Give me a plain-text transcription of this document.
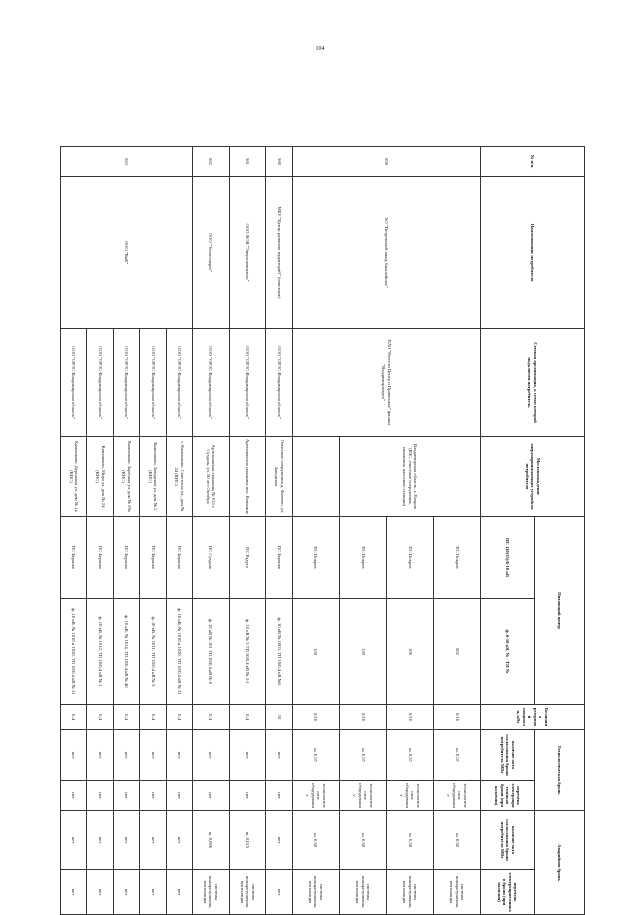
104
№ п/п.	Наименование потребителя	Сетевая организация, к сетям которой подключен потребитель	Местонахождение энергопринимающих устройств потребителя	Питающий центр		Величина резервной мощности, кВт	Технологическая бронь		Аварийная бронь	
				ПС 110(35)/6-10 кВ	ф. 6-10 кВ, № - ТП №		наличие акта согласования брони потребителя МВт	перечень электроприемников брони (при наличии)	наличие акта согласования брони потребителя МВт	перечень электроприемников брони (при наличии)
559	АО "Петровский завод бакалейных"	ПАО "Россети Центр и Приволжье" филиал "Владимирэнерго"	Владимирская область, г. Покров (ВЗС, очистные сооружения, скважины, насосные станции)	ПС Покров	602	6/10	ш. 0,57	технологическое оборудование	ш. 0,58	системы пожаротушения, вентиляция
				ПС Покров	106	6/10	ш. 0,57	технологическое оборудование	ш. 0,58	системы пожаротушения, вентиляция
				ПС Покров	120	6/10	ш. 0,57	технологическое оборудование	ш. 0,58	системы пожаротушения, вентиляция
				ПС Покров	128	6/10	ш. 0,57	технологическое оборудование	ш. 0,58	системы пожаротушения, вентиляция
560	МБУ "Центр развития территорий" (очистные)	ООО "ОРЭС-Владимирская область"	Очистные сооружения д. Фатеево, ул. Заводская	ПС Берково	ф. 10 кВ № 1003, ТП 10/0,4 кВ №6	10	нет	нет	нет	нет
561	ООО ФОК "Энергокомплекс"	ООО "ОРЭС-Владимирская область"	Артезианская скважина пос. Кошкино	ПС Радуга	ф. 10 кВ № 5 ТП 10/0,4 кВ № 3-1	0,4	нет	нет	ш. 0,015	системы пожаротушения, вентиляция
562	ООО "Теплоэнерго"	ООО "ОРЭС-Владимирская область"	Артезианская скважина № 633 г. Суздаль, ул. 50 лет Октября	ПС Суздаль	ф. 10 кВ № 101 ТП 10/0,4 кВ № 6	0,4	нет	нет	ш. 0,006	системы пожаротушения, вентиляция
563	ООО "ВиК"	ООО "ОРЭС-Владимирская область"	г. Камешково, Советская ул., дом № 24 (ВНС)	ПС Берково	ф. 10 кВ, № 1010 и 1020, ТП 10/0,4 кВ № 31	0,4	нет	нет	нет	нет
		ООО "ОРЭС-Владимирская область"	Камешково, Заводская ул. дом № 2 (КНС)	ПС Берково	ф. 10 кВ, № 1011, ТП 10/0,4 кВ № 5	0,4	нет	нет	нет	нет
		ООО "ОРЭС-Владимирская область"	Камешково, Заречная ул. дом № 29а (КНС)	ПС Берково	ф. 10 кВ, № 1014, ТП 10/0,4 кВ № 40	0,4	нет	нет	нет	нет
		ООО "ОРЭС-Владимирская область"	Камешково, Мира ул. дом № 24 (КНС)	ПС Берково	ф. 10 кВ, № 1012, ТП 10/0,4 кВ № 1	0,4	нет	нет	нет	нет
		ООО "ОРЭС-Владимирская область"	Камешково, Дорожная ул. дом № 1к (КНС)	ПС Берково	ф. 10 кВ, № 1010 и 1020, ТП 10/0,4 кВ № 31	0,4	нет	нет	нет	нет
